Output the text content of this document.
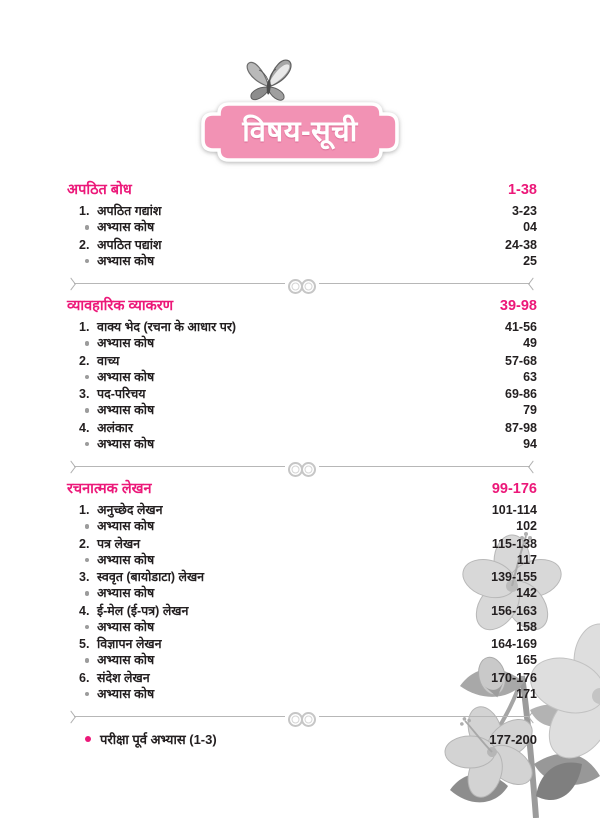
विषय-सूची
अपठित बोध	1-38
1. अपठित गद्यांश	3-23
अभ्यास कोष	04
2. अपठित पद्यांश	24-38
अभ्यास कोष	25
व्यावहारिक व्याकरण	39-98
1. वाक्य भेद (रचना के आधार पर)	41-56
अभ्यास कोष	49
2. वाच्य	57-68
अभ्यास कोष	63
3. पद-परिचय	69-86
अभ्यास कोष	79
4. अलंकार	87-98
अभ्यास कोष	94
रचनात्मक लेखन	99-176
1. अनुच्छेद लेखन	101-114
अभ्यास कोष	102
2. पत्र लेखन	115-138
अभ्यास कोष	117
3. स्ववृत (बायोडाटा) लेखन	139-155
अभ्यास कोष	142
4. ई-मेल (ई-पत्र) लेखन	156-163
अभ्यास कोष	158
5. विज्ञापन लेखन	164-169
अभ्यास कोष	165
6. संदेश लेखन	170-176
अभ्यास कोष	171
परीक्षा पूर्व अभ्यास (1-3)	177-200
